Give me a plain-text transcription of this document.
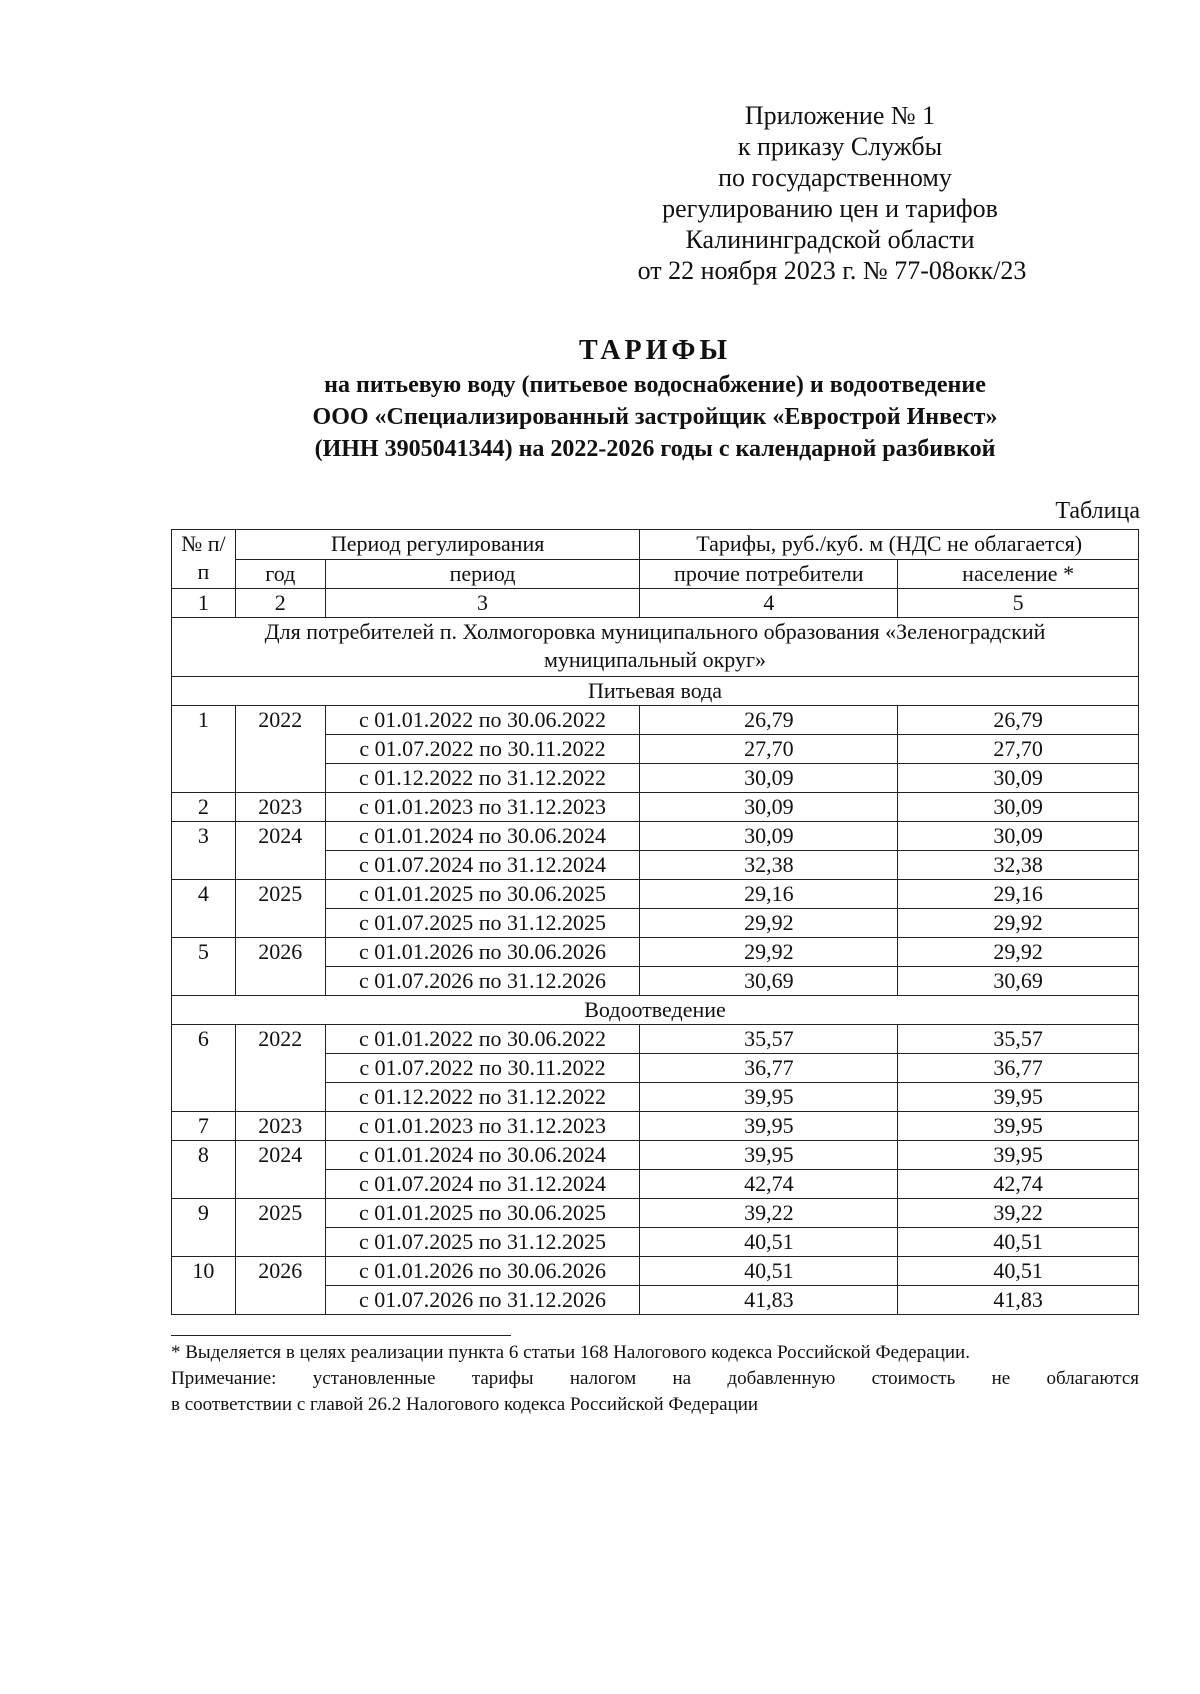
Приложение № 1
к приказу Службы
по государственному
регулированию цен и тарифов
Калининградской области
от 22 ноября 2023 г. № 77-08окк/23
ТАРИФЫ
на питьевую воду (питьевое водоснабжение) и водоотведение
ООО «Специализированный застройщик «Еврострой Инвест»
(ИНН 3905041344) на 2022-2026 годы с календарной разбивкой
Таблица
№ п/п	Период регулирования		Тарифы, руб./куб. м (НДС не облагается)	
	год	период	прочие потребители	население *
1	2	3	4	5
Для потребителей п. Холмогоровка муниципального образования «Зеленоградский муниципальный округ»				
Питьевая вода				
1	2022	с 01.01.2022 по 30.06.2022	26,79	26,79
		с 01.07.2022 по 30.11.2022	27,70	27,70
		с 01.12.2022 по 31.12.2022	30,09	30,09
2	2023	с 01.01.2023 по 31.12.2023	30,09	30,09
3	2024	с 01.01.2024 по 30.06.2024	30,09	30,09
		с 01.07.2024 по 31.12.2024	32,38	32,38
4	2025	с 01.01.2025 по 30.06.2025	29,16	29,16
		с 01.07.2025 по 31.12.2025	29,92	29,92
5	2026	с 01.01.2026 по 30.06.2026	29,92	29,92
		с 01.07.2026 по 31.12.2026	30,69	30,69
Водоотведение				
6	2022	с 01.01.2022 по 30.06.2022	35,57	35,57
		с 01.07.2022 по 30.11.2022	36,77	36,77
		с 01.12.2022 по 31.12.2022	39,95	39,95
7	2023	с 01.01.2023 по 31.12.2023	39,95	39,95
8	2024	с 01.01.2024 по 30.06.2024	39,95	39,95
		с 01.07.2024 по 31.12.2024	42,74	42,74
9	2025	с 01.01.2025 по 30.06.2025	39,22	39,22
		с 01.07.2025 по 31.12.2025	40,51	40,51
10	2026	с 01.01.2026 по 30.06.2026	40,51	40,51
		с 01.07.2026 по 31.12.2026	41,83	41,83

* Выделяется в целях реализации пункта 6 статьи 168 Налогового кодекса Российской Федерации.

Примечание: установленные тарифы налогом на добавленную стоимость не облагаются

в соответствии с главой 26.2 Налогового кодекса Российской Федерации
